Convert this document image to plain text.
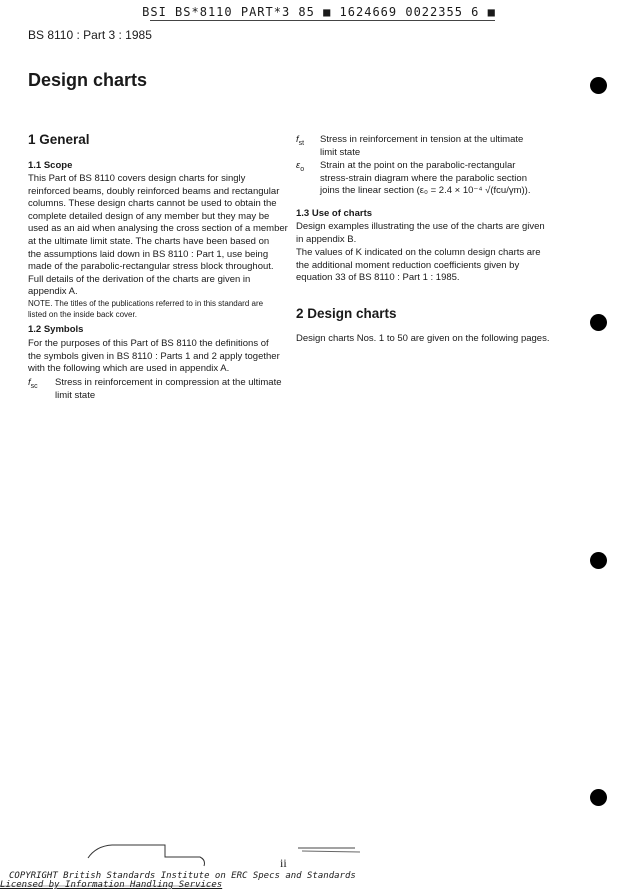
BSI BS*8110 PART*3 85 ■ 1624669 0022355 6 ■
BS 8110 : Part 3 : 1985
Design charts
1 General
1.1 Scope
This Part of BS 8110 covers design charts for singly
reinforced beams, doubly reinforced beams and rectangular
columns. These design charts cannot be used to obtain the
complete detailed design of any member but they may be
used as an aid when analysing the cross section of a member
at the ultimate limit state. The charts have been based on
the assumptions laid down in BS 8110 : Part 1, use being
made of the parabolic-rectangular stress block throughout.
Full details of the derivation of the charts are given in
appendix A.
NOTE. The titles of the publications referred to in this standard are
listed on the inside back cover.
1.2 Symbols
For the purposes of this Part of BS 8110 the definitions of
the symbols given in BS 8110 : Parts 1 and 2 apply together
with the following which are used in appendix A.
$f_{sc}$ Stress in reinforcement in compression at the ultimate
limit state
$f_{st}$ Stress in reinforcement in tension at the ultimate
limit state
$\varepsilon_o$ Strain at the point on the parabolic-rectangular
stress-strain diagram where the parabolic section
joins the linear section (ε₀ = 2.4 × 10⁻⁴ √(fcu/γm)).
1.3 Use of charts
Design examples illustrating the use of the charts are given
in appendix B.
The values of K indicated on the column design charts are
the additional moment reduction coefficients given by
equation 33 of BS 8110 : Part 1 : 1985.
2 Design charts
Design charts Nos. 1 to 50 are given on the following pages.
ii
COPYRIGHT British Standards Institute on ERC Specs and Standards
Licensed by Information Handling Services
